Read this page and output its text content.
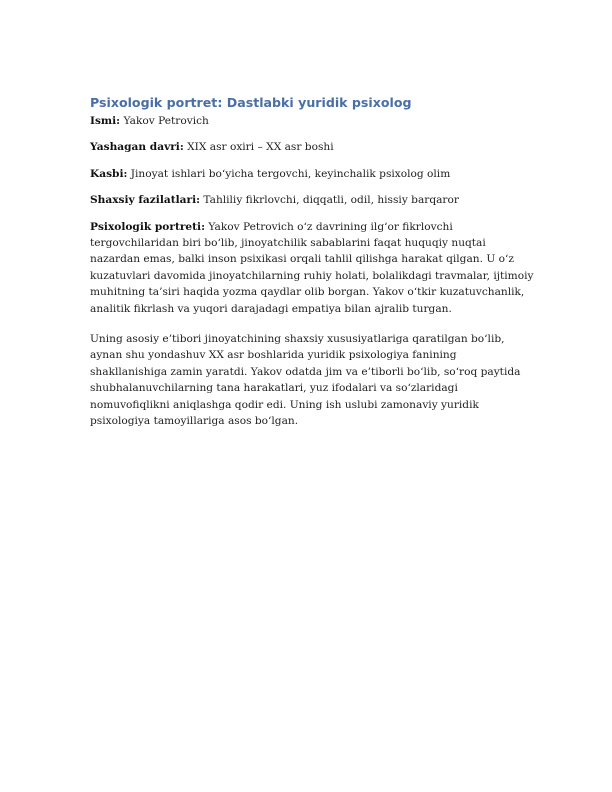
Psixologik portret: Dastlabki yuridik psixolog

Ismi: Yakov Petrovich

Yashagan davri: XIX asr oxiri – XX asr boshi

Kasbi: Jinoyat ishlari bo‘yicha tergovchi, keyinchalik psixolog olim

Shaxsiy fazilatlari: Tahliliy fikrlovchi, diqqatli, odil, hissiy barqaror

Psixologik portreti: Yakov Petrovich o‘z davrining ilg‘or fikrlovchi tergovchilaridan biri bo‘lib, jinoyatchilik sabablarini faqat huquqiy nuqtai nazardan emas, balki inson psixikasi orqali tahlil qilishga harakat qilgan. U o‘z kuzatuvlari davomida jinoyatchilarning ruhiy holati, bolalikdagi travmalar, ijtimoiy muhitning ta’siri haqida yozma qaydlar olib borgan. Yakov o‘tkir kuzatuvchanlik, analitik fikrlash va yuqori darajadagi empatiya bilan ajralib turgan.

Uning asosiy e’tibori jinoyatchining shaxsiy xususiyatlariga qaratilgan bo‘lib, aynan shu yondashuv XX asr boshlarida yuridik psixologiya fanining shakllanishiga zamin yaratdi. Yakov odatda jim va e’tiborli bo‘lib, so‘roq paytida shubhalanuvchilarning tana harakatlari, yuz ifodalari va so‘zlaridagi nomuvofiqlikni aniqlashga qodir edi. Uning ish uslubi zamonaviy yuridik psixologiya tamoyillariga asos bo‘lgan.
